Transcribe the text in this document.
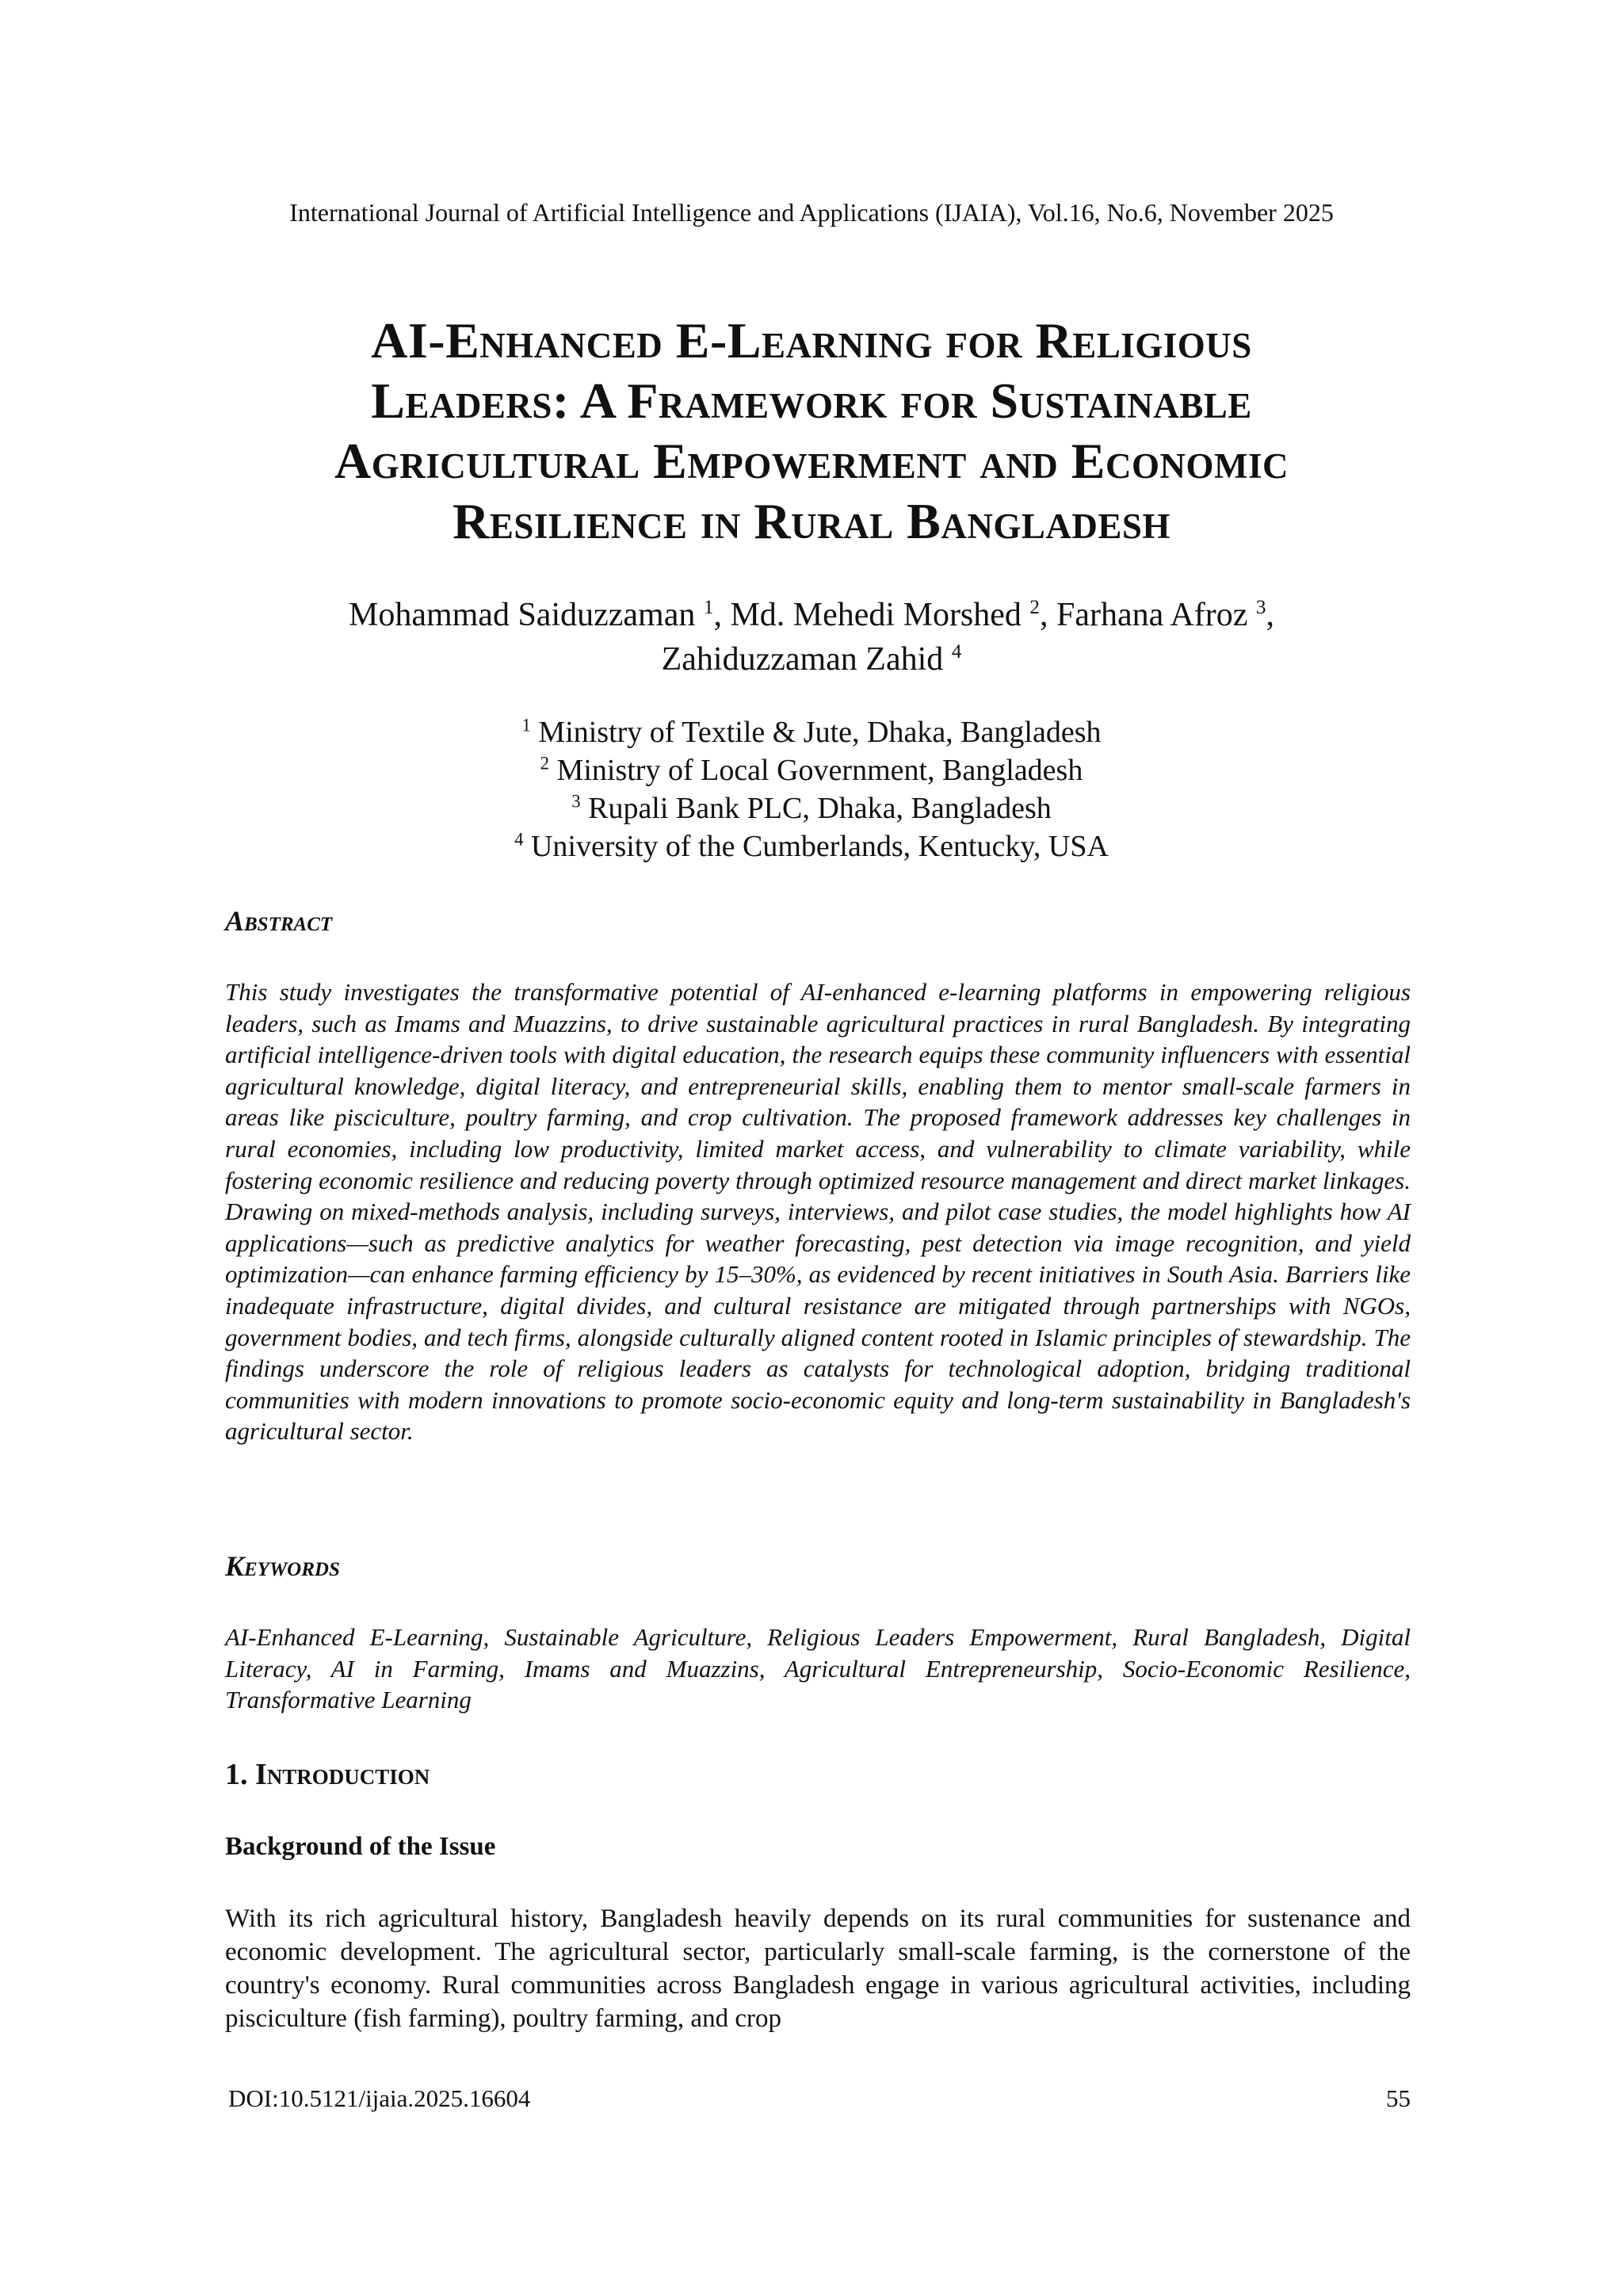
International Journal of Artificial Intelligence and Applications (IJAIA), Vol.16, No.6, November 2025
AI-Enhanced E-Learning for Religious
Leaders: A Framework for Sustainable
Agricultural Empowerment and Economic
Resilience in Rural Bangladesh
Mohammad Saiduzzaman $^1$, Md. Mehedi Morshed $^2$, Farhana Afroz $^3$,
Zahiduzzaman Zahid $^4$
$^1$ Ministry of Textile & Jute, Dhaka, Bangladesh
$^2$ Ministry of Local Government, Bangladesh
$^3$ Rupali Bank PLC, Dhaka, Bangladesh
$^4$ University of the Cumberlands, Kentucky, USA
Abstract

This study investigates the transformative potential of AI-enhanced e-learning platforms in empowering religious leaders, such as Imams and Muazzins, to drive sustainable agricultural practices in rural Bangladesh. By integrating artificial intelligence-driven tools with digital education, the research equips these community influencers with essential agricultural knowledge, digital literacy, and entrepreneurial skills, enabling them to mentor small-scale farmers in areas like pisciculture, poultry farming, and crop cultivation. The proposed framework addresses key challenges in rural economies, including low productivity, limited market access, and vulnerability to climate variability, while fostering economic resilience and reducing poverty through optimized resource management and direct market linkages. Drawing on mixed-methods analysis, including surveys, interviews, and pilot case studies, the model highlights how AI applications—such as predictive analytics for weather forecasting, pest detection via image recognition, and yield optimization—can enhance farming efficiency by 15–30%, as evidenced by recent initiatives in South Asia. Barriers like inadequate infrastructure, digital divides, and cultural resistance are mitigated through partnerships with NGOs, government bodies, and tech firms, alongside culturally aligned content rooted in Islamic principles of stewardship. The findings underscore the role of religious leaders as catalysts for technological adoption, bridging traditional communities with modern innovations to promote socio-economic equity and long-term sustainability in Bangladesh's agricultural sector.

Keywords

AI-Enhanced E-Learning, Sustainable Agriculture, Religious Leaders Empowerment, Rural Bangladesh, Digital Literacy, AI in Farming, Imams and Muazzins, Agricultural Entrepreneurship, Socio-Economic Resilience, Transformative Learning

1. Introduction
Background of the Issue

With its rich agricultural history, Bangladesh heavily depends on its rural communities for sustenance and economic development. The agricultural sector, particularly small-scale farming, is the cornerstone of the country's economy. Rural communities across Bangladesh engage in various agricultural activities, including pisciculture (fish farming), poultry farming, and crop

DOI:10.5121/ijaia.2025.16604	55
